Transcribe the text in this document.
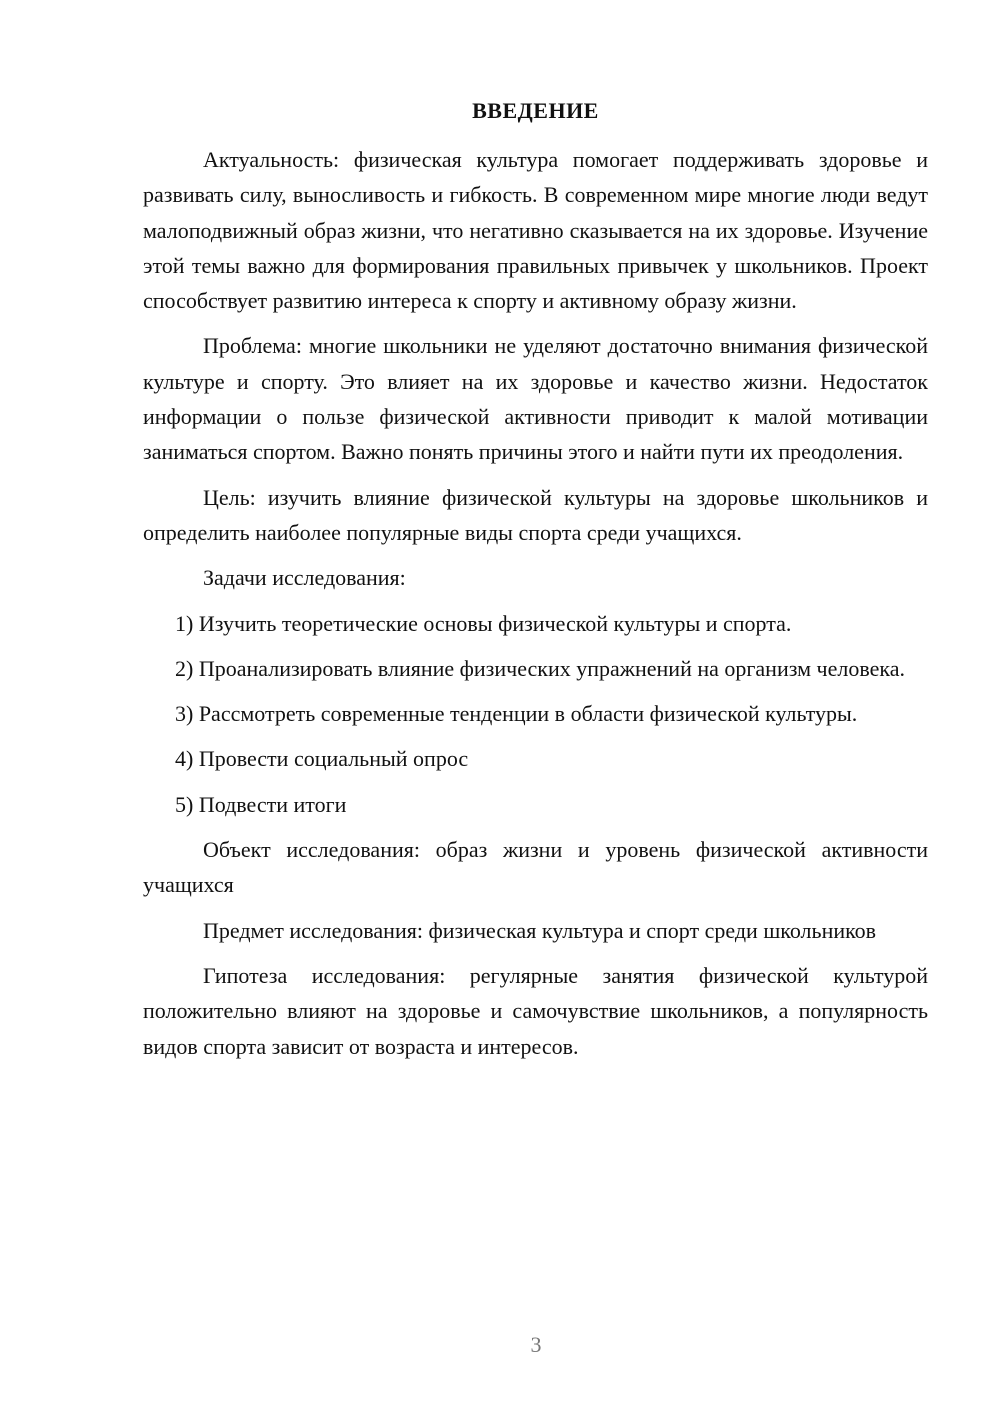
ВВЕДЕНИЕ

Актуальность: физическая культура помогает поддерживать здоровье и развивать силу, выносливость и гибкость. В современном мире многие люди ведут малоподвижный образ жизни, что негативно сказывается на их здоровье. Изучение этой темы важно для формирования правильных привычек у школьников. Проект способствует развитию интереса к спорту и активному образу жизни.

Проблема: многие школьники не уделяют достаточно внимания физической культуре и спорту. Это влияет на их здоровье и качество жизни. Недостаток информации о пользе физической активности приводит к малой мотивации заниматься спортом. Важно понять причины этого и найти пути их преодоления.

Цель: изучить влияние физической культуры на здоровье школьников и определить наиболее популярные виды спорта среди учащихся.

Задачи исследования:

1) Изучить теоретические основы физической культуры и спорта.

2) Проанализировать влияние физических упражнений на организм человека.

3) Рассмотреть современные тенденции в области физической культуры.

4) Провести социальный опрос

5) Подвести итоги

Объект исследования: образ жизни и уровень физической активности учащихся

Предмет исследования: физическая культура и спорт среди школьников

Гипотеза исследования: регулярные занятия физической культурой положительно влияют на здоровье и самочувствие школьников, а популярность видов спорта зависит от возраста и интересов.

3
